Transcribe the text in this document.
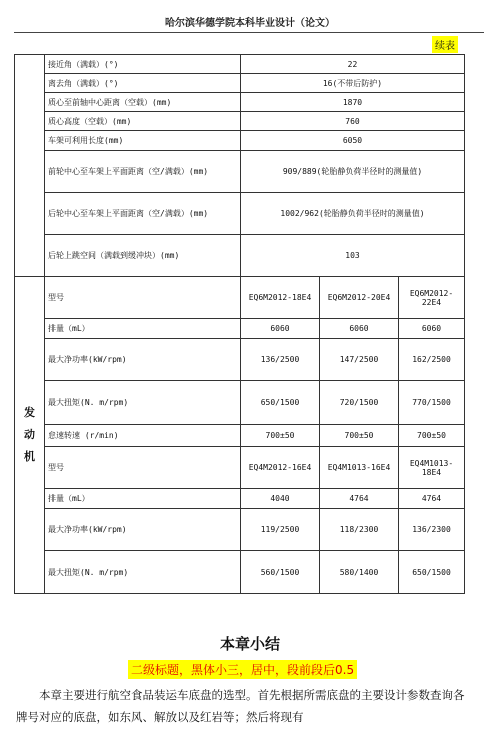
哈尔滨华德学院本科毕业设计（论文）
续表
	接近角（满载）(°)	22		
	离去角（满载）(°)	16(不带后防护)		
	质心至前轴中心距离（空载）(mm)	1870		
	质心高度（空载）(mm)	760		
	车架可利用长度(mm)	6050		
	前轮中心至车架上平面距离（空/满载）(mm)	909/889(轮胎静负荷半径时的测量值)		
	后轮中心至车架上平面距离（空/满载）(mm)	1002/962(轮胎静负荷半径时的测量值)		
	后轮上跳空间（满载到缓冲块）(mm)	103		

发
动
机	型号	EQ6M2012-18E4	EQ6M2012-20E4	EQ6M2012-22E4
	排量（mL）	6060	6060	6060
	最大净功率(kW/rpm)	136/2500	147/2500	162/2500
	最大扭矩(N. m/rpm)	650/1500	720/1500	770/1500
	怠速转速 (r/min)	700±50	700±50	700±50
	型号	EQ4M2012-16E4	EQ4M1013-16E4	EQ4M1013-18E4
	排量（mL）	4040	4764	4764
	最大净功率(kW/rpm)	119/2500	118/2300	136/2300
	最大扭矩(N. m/rpm)	560/1500	580/1400	650/1500
本章小结
二级标题，黑体小三，居中，段前段后0.5
本章主要进行航空食品装运车底盘的选型。首先根据所需底盘的主要设计参数查询各牌号对应的底盘，如东风、解放以及红岩等；然后将现有
